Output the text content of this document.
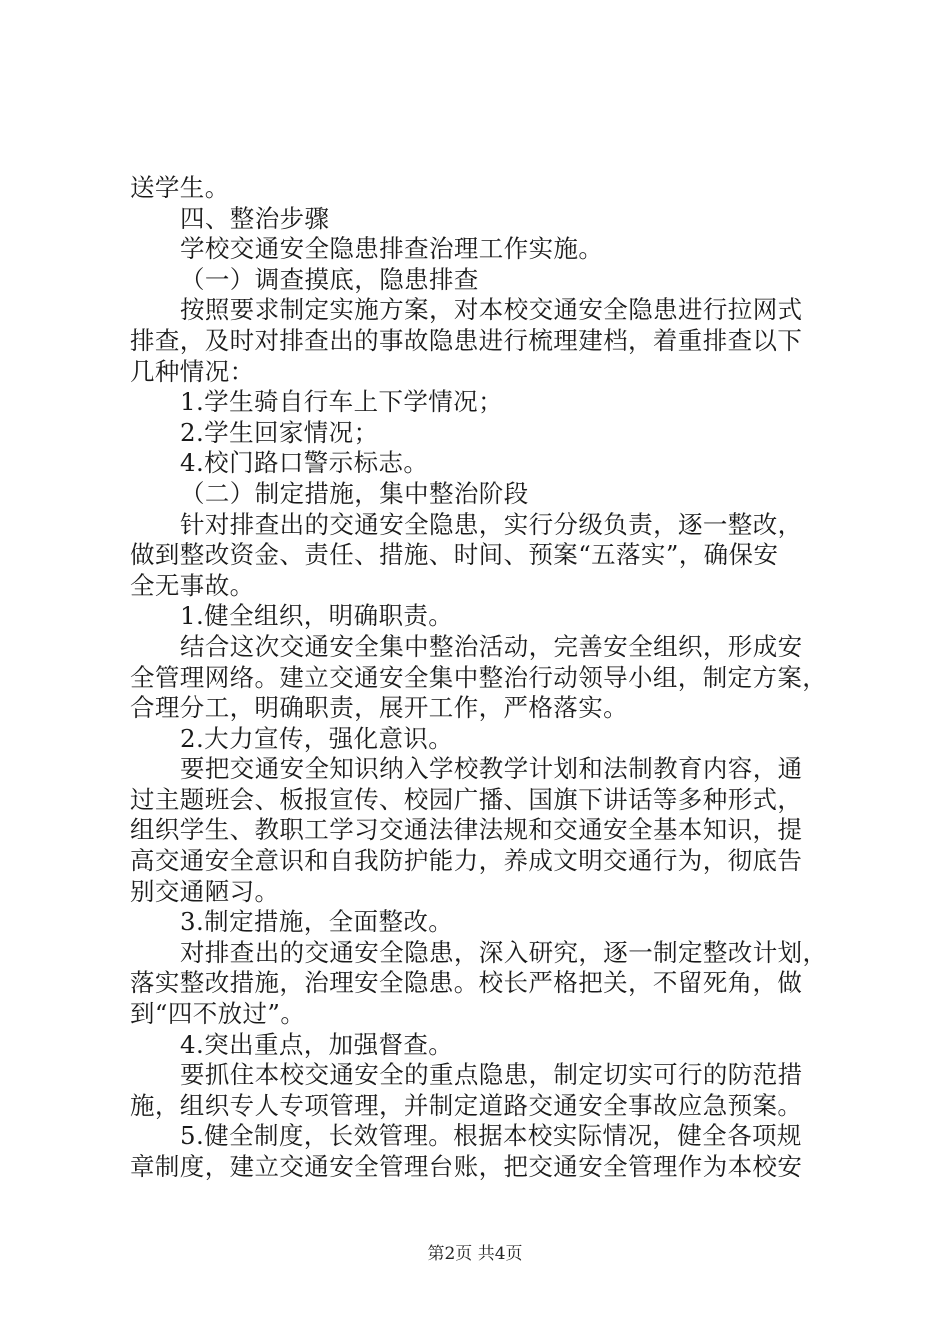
送学生。

四、整治步骤

学校交通安全隐患排查治理工作实施。

（一）调查摸底，隐患排查

按照要求制定实施方案，对本校交通安全隐患进行拉网式

排查，及时对排查出的事故隐患进行梳理建档，着重排查以下

几种情况：

1.学生骑自行车上下学情况；

2.学生回家情况；

4.校门路口警示标志。

（二）制定措施，集中整治阶段

针对排查出的交通安全隐患，实行分级负责，逐一整改，

做到整改资金、责任、措施、时间、预案“五落实”，确保安

全无事故。

1.健全组织，明确职责。

结合这次交通安全集中整治活动，完善安全组织，形成安

全管理网络。建立交通安全集中整治行动领导小组，制定方案，

合理分工，明确职责，展开工作，严格落实。

2.大力宣传，强化意识。

要把交通安全知识纳入学校教学计划和法制教育内容，通

过主题班会、板报宣传、校园广播、国旗下讲话等多种形式，

组织学生、教职工学习交通法律法规和交通安全基本知识，提

高交通安全意识和自我防护能力，养成文明交通行为，彻底告

别交通陋习。

3.制定措施，全面整改。

对排查出的交通安全隐患，深入研究，逐一制定整改计划，

落实整改措施，治理安全隐患。校长严格把关，不留死角，做

到“四不放过”。

4.突出重点，加强督查。

要抓住本校交通安全的重点隐患，制定切实可行的防范措

施，组织专人专项管理，并制定道路交通安全事故应急预案。

5.健全制度，长效管理。根据本校实际情况，健全各项规

章制度，建立交通安全管理台账，把交通安全管理作为本校安

第2页 共4页
